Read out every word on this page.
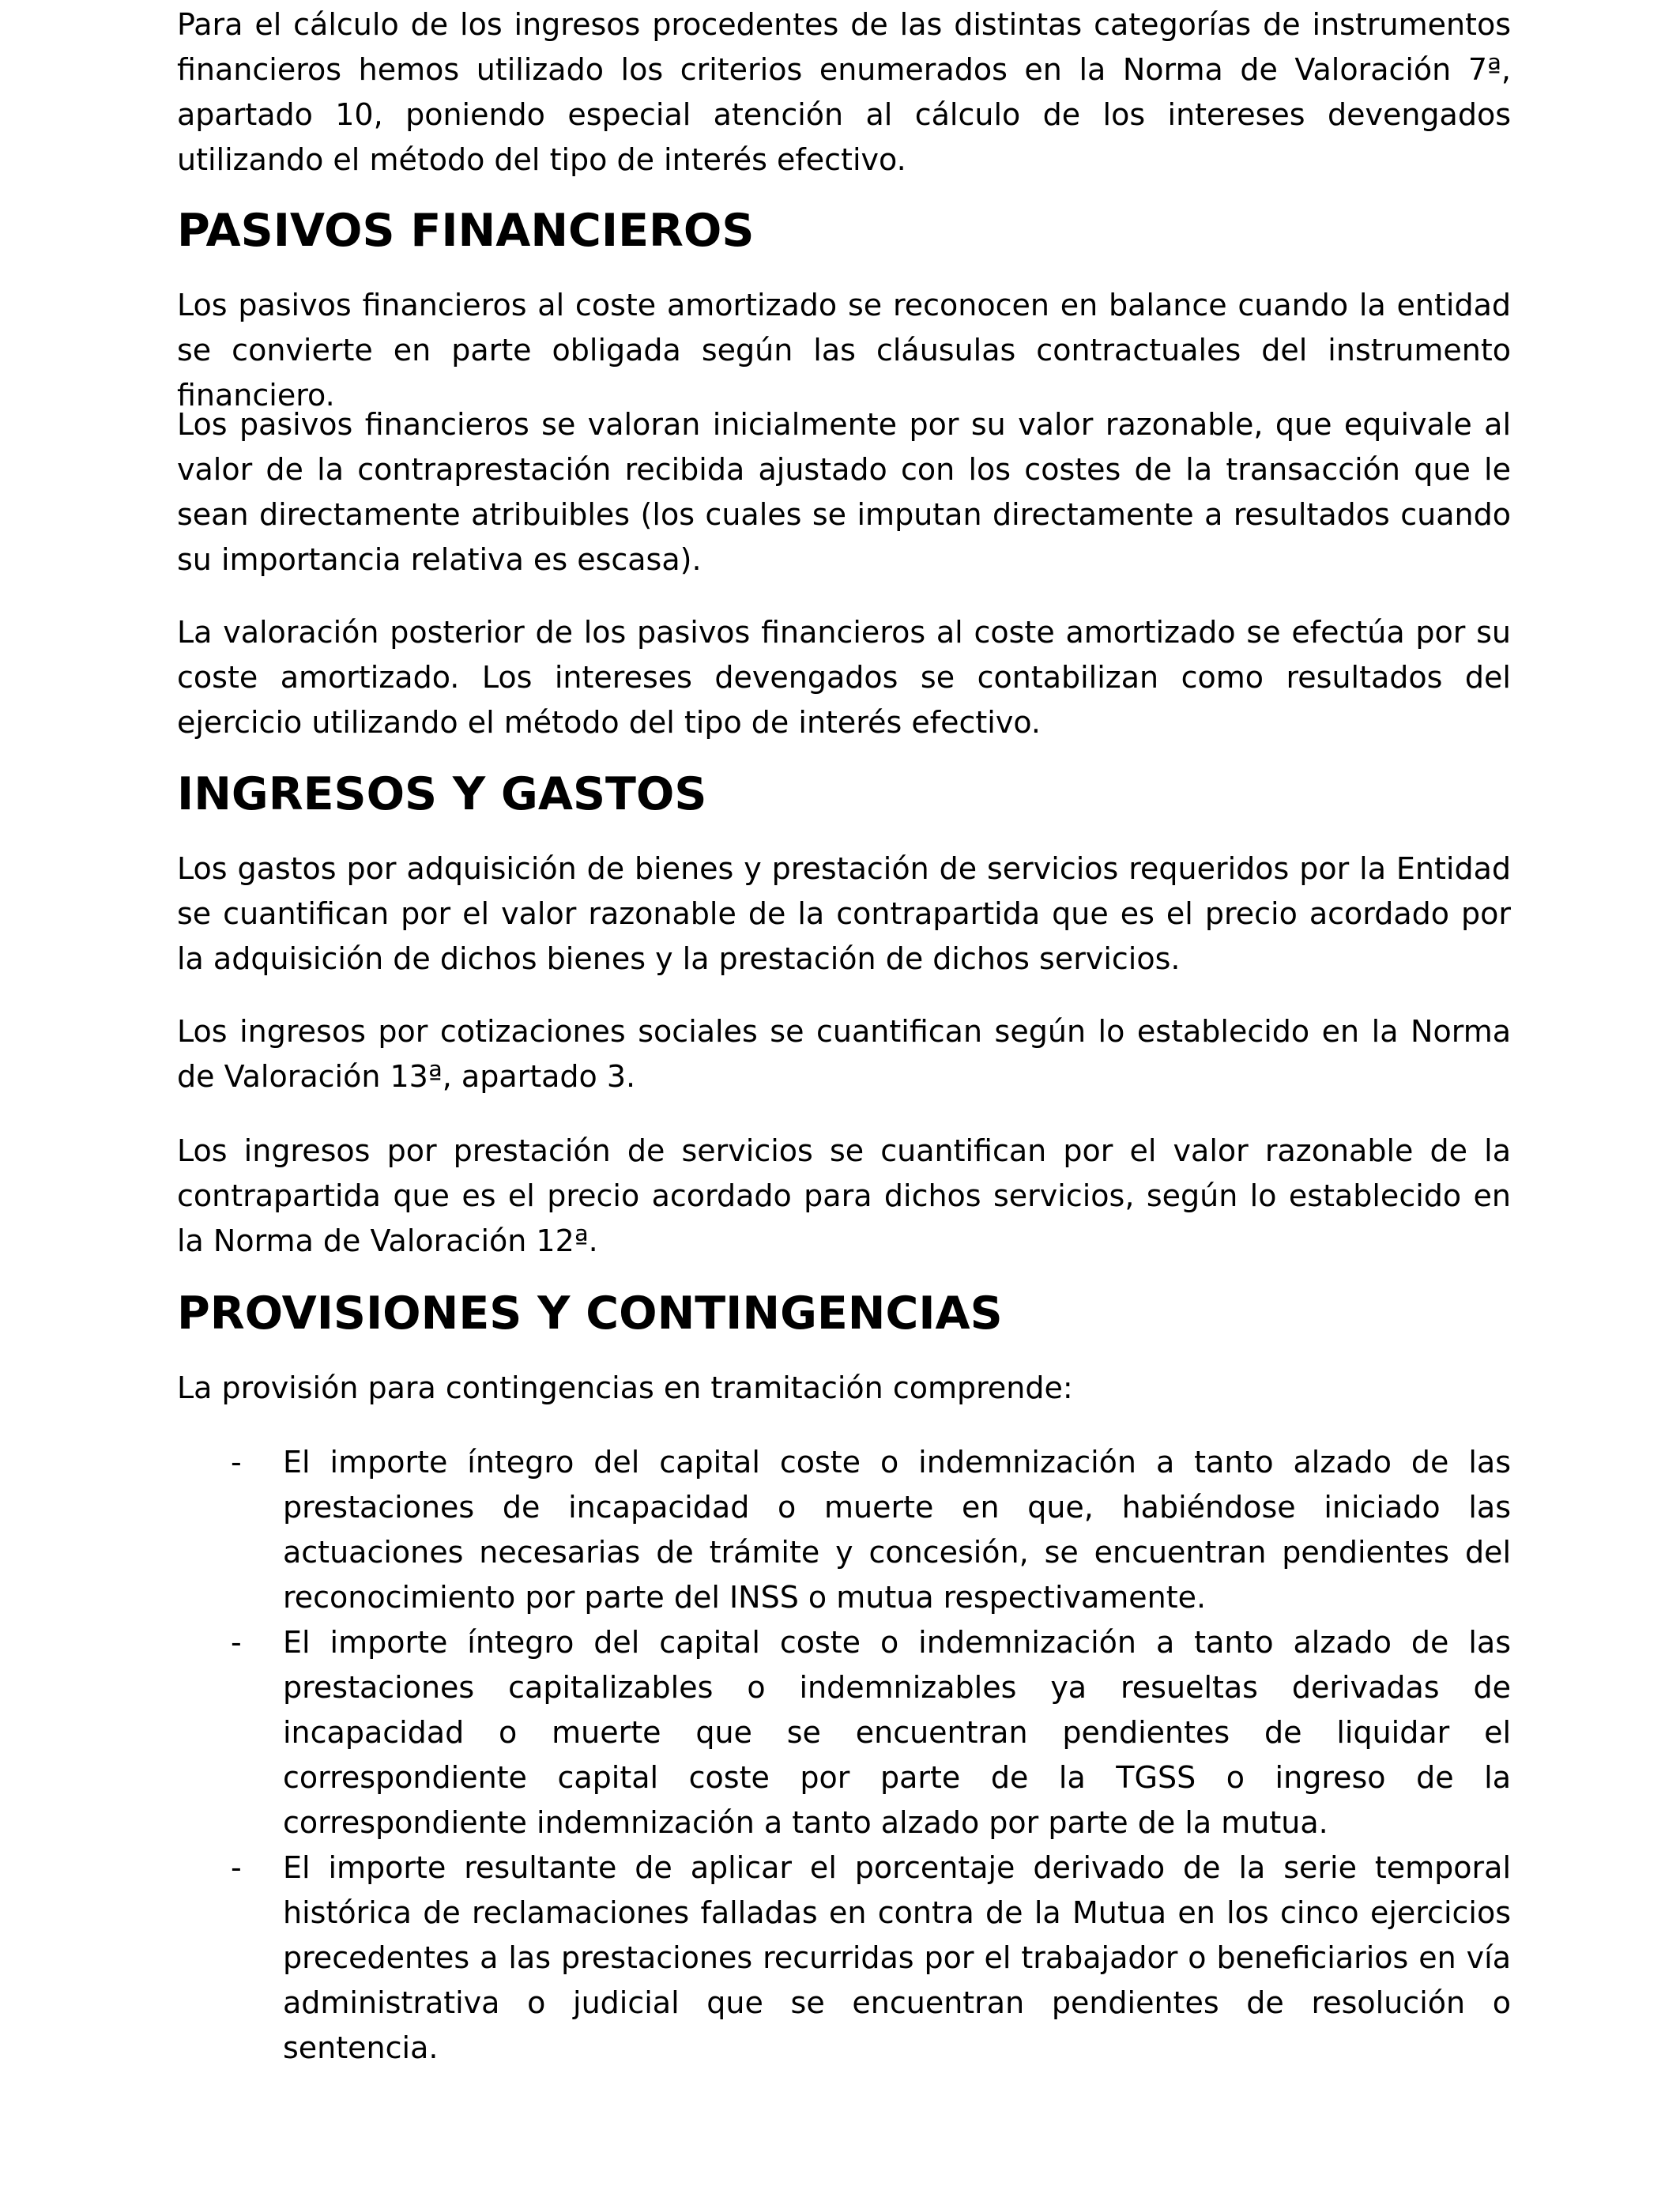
Para el cálculo de los ingresos procedentes de las distintas categorías de instrumentos financieros hemos utilizado los criterios enumerados en la Norma de Valoración 7ª, apartado 10, poniendo especial atención al cálculo de los intereses devengados utilizando el método del tipo de interés efectivo.

PASIVOS FINANCIEROS

Los pasivos financieros al coste amortizado se reconocen en balance cuando la entidad se convierte en parte obligada según las cláusulas contractuales del instrumento financiero.

Los pasivos financieros se valoran inicialmente por su valor razonable, que equivale al valor de la contraprestación recibida ajustado con los costes de la transacción que le sean directamente atribuibles (los cuales se imputan directamente a resultados cuando su importancia relativa es escasa).

La valoración posterior de los pasivos financieros al coste amortizado se efectúa por su coste amortizado. Los intereses devengados se contabilizan como resultados del ejercicio utilizando el método del tipo de interés efectivo.

INGRESOS Y GASTOS

Los gastos por adquisición de bienes y prestación de servicios requeridos por la Entidad se cuantifican por el valor razonable de la contrapartida que es el precio acordado por la adquisición de dichos bienes y la prestación de dichos servicios.

Los ingresos por cotizaciones sociales se cuantifican según lo establecido en la Norma de Valoración 13ª, apartado 3.

Los ingresos por prestación de servicios se cuantifican por el valor razonable de la contrapartida que es el precio acordado para dichos servicios, según lo establecido en la Norma de Valoración 12ª.

PROVISIONES Y CONTINGENCIAS

La provisión para contingencias en tramitación comprende:

- El importe íntegro del capital coste o indemnización a tanto alzado de las prestaciones de incapacidad o muerte en que, habiéndose iniciado las actuaciones necesarias de trámite y concesión, se encuentran pendientes del reconocimiento por parte del INSS o mutua respectivamente.
- El importe íntegro del capital coste o indemnización a tanto alzado de las prestaciones capitalizables o indemnizables ya resueltas derivadas de incapacidad o muerte que se encuentran pendientes de liquidar el correspondiente capital coste por parte de la TGSS o ingreso de la correspondiente indemnización a tanto alzado por parte de la mutua.
- El importe resultante de aplicar el porcentaje derivado de la serie temporal histórica de reclamaciones falladas en contra de la Mutua en los cinco ejercicios precedentes a las prestaciones recurridas por el trabajador o beneficiarios en vía administrativa o judicial que se encuentran pendientes de resolución o sentencia.
